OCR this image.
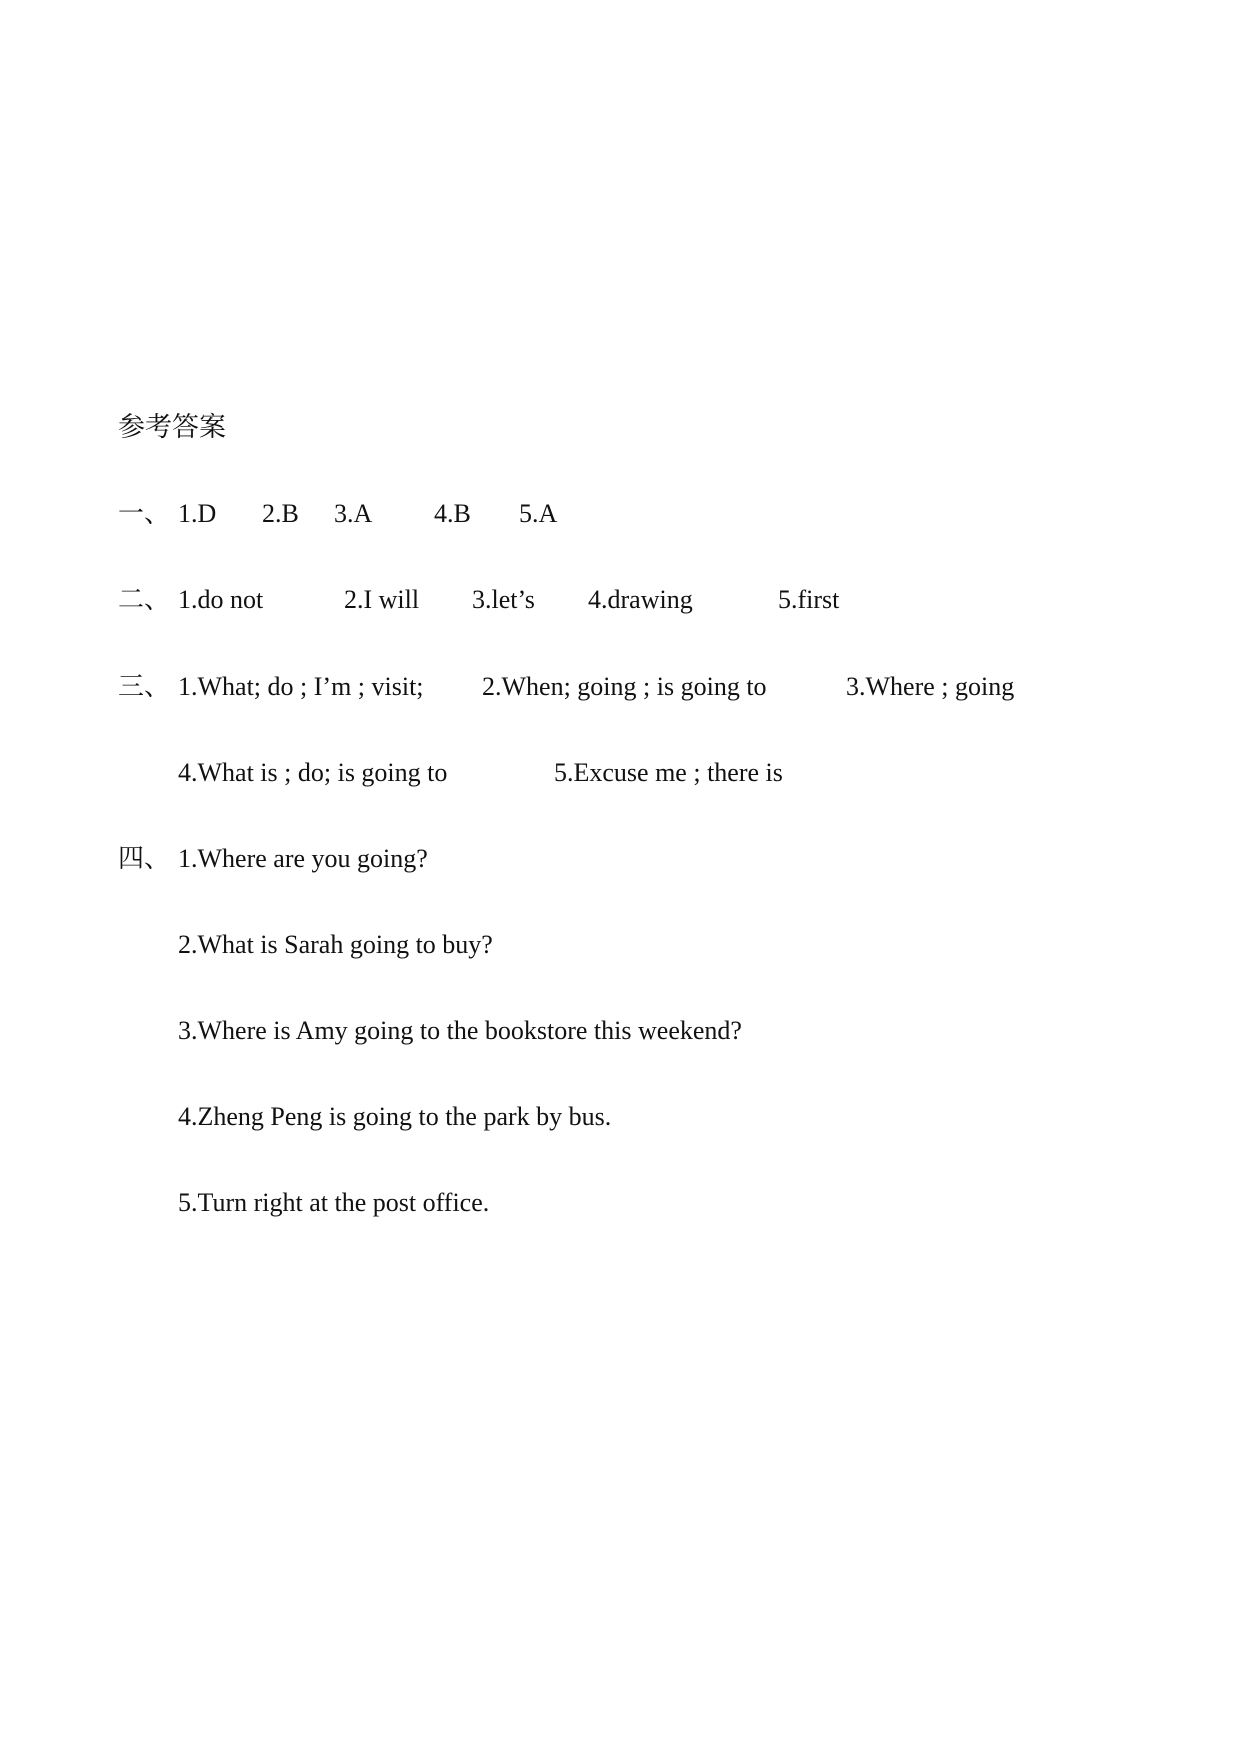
参考答案
一、 1.D 2.B 3.A 4.B 5.A
二、 1.do not	2.I will 3.let’s 4.drawing	5.first
三、 1.What; do ; I’m ; visit; 2.When; going ; is going to	3.Where ; going
4.What is ; do; is going to	5.Excuse me ; there is
四、 1.Where are you going?
2.What is Sarah going to buy?
3.Where is Amy going to the bookstore this weekend?
4.Zheng Peng is going to the park by bus.
5.Turn right at the post office.
